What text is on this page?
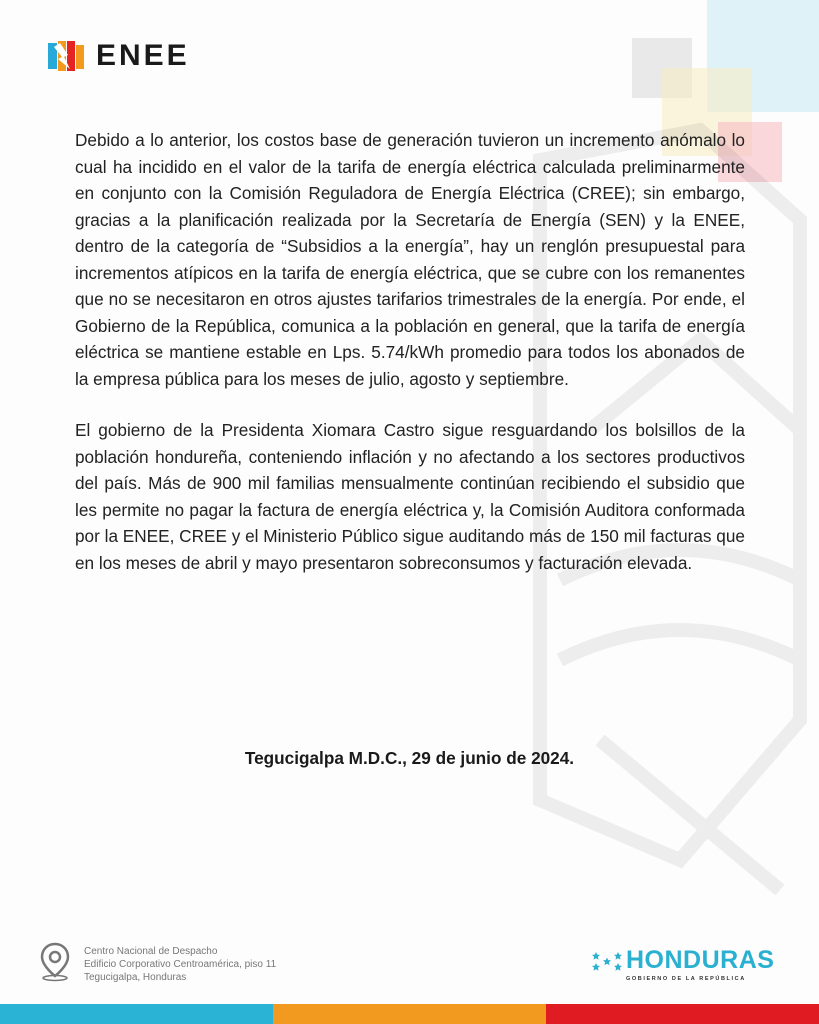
ENEE

Debido a lo anterior, los costos base de generación tuvieron un incremento anómalo lo cual ha incidido en el valor de la tarifa de energía eléctrica calculada preliminarmente en conjunto con la Comisión Reguladora de Energía Eléctrica (CREE); sin embargo, gracias a la planificación realizada por la Secretaría de Energía (SEN) y la ENEE, dentro de la categoría de “Subsidios a la energía”, hay un renglón presupuestal para incrementos atípicos en la tarifa de energía eléctrica, que se cubre con los remanentes que no se necesitaron en otros ajustes tarifarios trimestrales de la energía. Por ende, el Gobierno de la República, comunica a la población en general, que la tarifa de energía eléctrica se mantiene estable en Lps. 5.74/kWh promedio para todos los abonados de la empresa pública para los meses de julio, agosto y septiembre.

El gobierno de la Presidenta Xiomara Castro sigue resguardando los bolsillos de la población hondureña, conteniendo inflación y no afectando a los sectores productivos del país. Más de 900 mil familias mensualmente continúan recibiendo el subsidio que les permite no pagar la factura de energía eléctrica y, la Comisión Auditora conformada por la ENEE, CREE y el Ministerio Público sigue auditando más de 150 mil facturas que en los meses de abril y mayo presentaron sobreconsumos y facturación elevada.

Tegucigalpa M.D.C., 29 de junio de 2024.
Centro Nacional de Despacho
Edificio Corporativo Centroamérica, piso 11
Tegucigalpa, Honduras
HONDURAS
GOBIERNO DE LA REPÚBLICA
